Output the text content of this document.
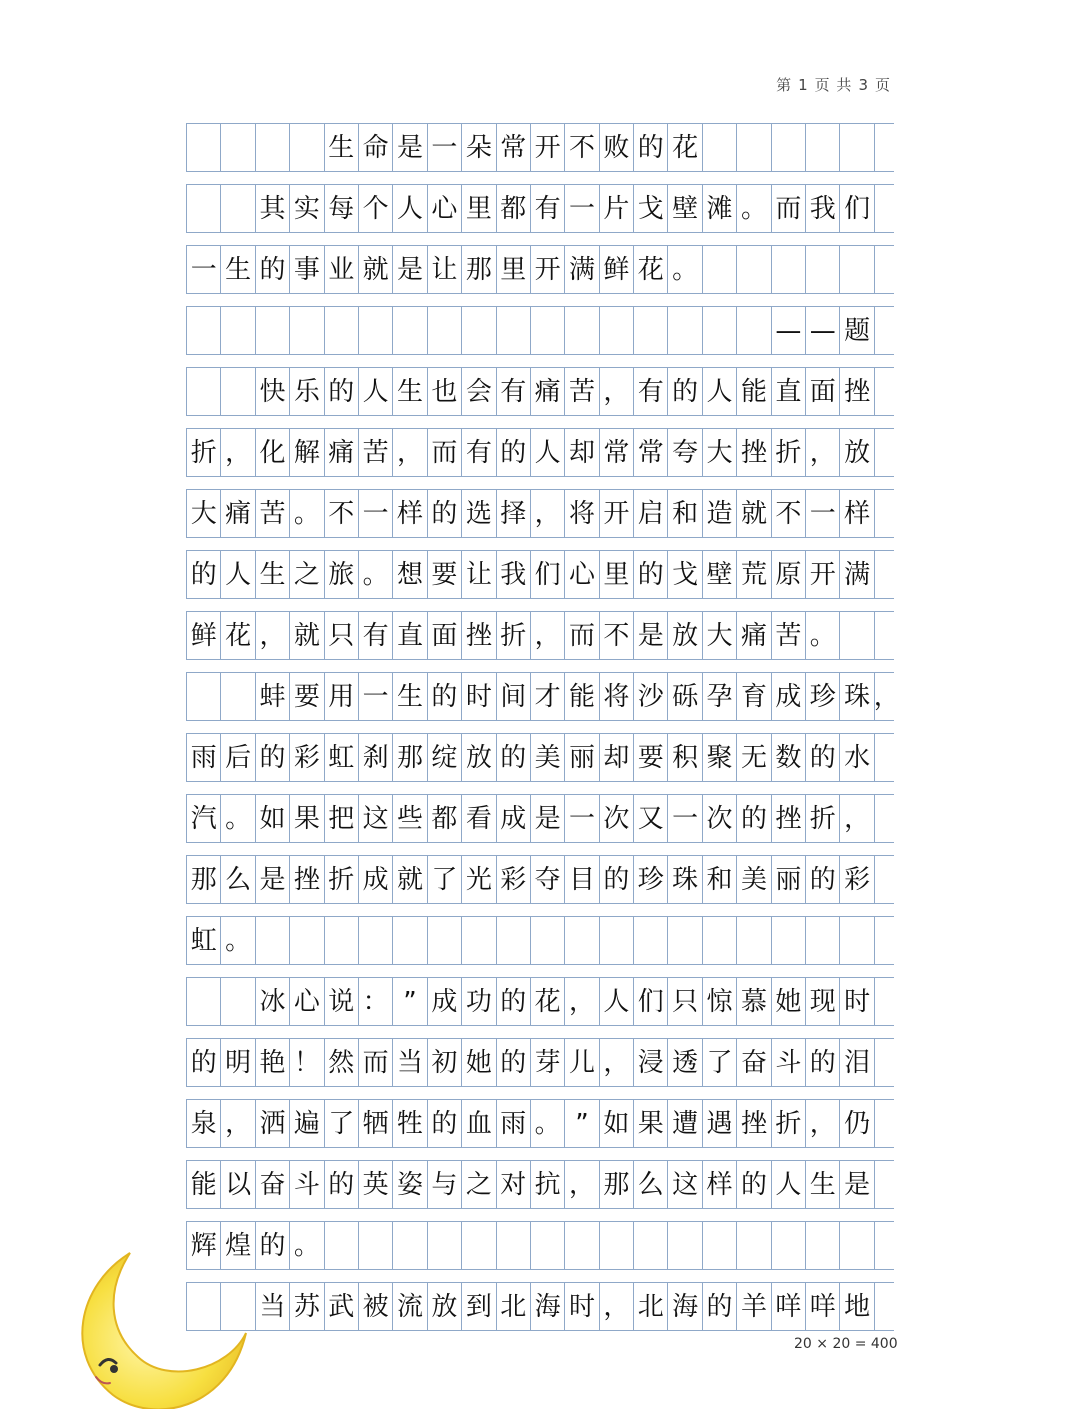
第 1 页 共 3 页
生 命 是 一 朵 常 开 不 败 的 花
其 实 每 个 人 心 里 都 有 一 片 戈 壁 滩 。 而 我 们
一 生 的 事 业 就 是 让 那 里 开 满 鲜 花 。
— — 题
快 乐 的 人 生 也 会 有 痛 苦 ， 有 的 人 能 直 面 挫
折 ， 化 解 痛 苦 ， 而 有 的 人 却 常 常 夸 大 挫 折 ， 放
大 痛 苦 。 不 一 样 的 选 择 ， 将 开 启 和 造 就 不 一 样
的 人 生 之 旅 。 想 要 让 我 们 心 里 的 戈 壁 荒 原 开 满
鲜 花 ， 就 只 有 直 面 挫 折 ， 而 不 是 放 大 痛 苦 。
蚌 要 用 一 生 的 时 间 才 能 将 沙 砾 孕 育 成 珍 珠 ，
雨 后 的 彩 虹 刹 那 绽 放 的 美 丽 却 要 积 聚 无 数 的 水
汽 。 如 果 把 这 些 都 看 成 是 一 次 又 一 次 的 挫 折 ，
那 么 是 挫 折 成 就 了 光 彩 夺 目 的 珍 珠 和 美 丽 的 彩
虹 。
冰 心 说 ： ” 成 功 的 花 ， 人 们 只 惊 慕 她 现 时
的 明 艳 ！ 然 而 当 初 她 的 芽 儿 ， 浸 透 了 奋 斗 的 泪
泉 ， 洒 遍 了 牺 牲 的 血 雨 。 ” 如 果 遭 遇 挫 折 ， 仍
能 以 奋 斗 的 英 姿 与 之 对 抗 ， 那 么 这 样 的 人 生 是
辉 煌 的 。
当 苏 武 被 流 放 到 北 海 时 ， 北 海 的 羊 咩 咩 地
20 × 20 = 400
